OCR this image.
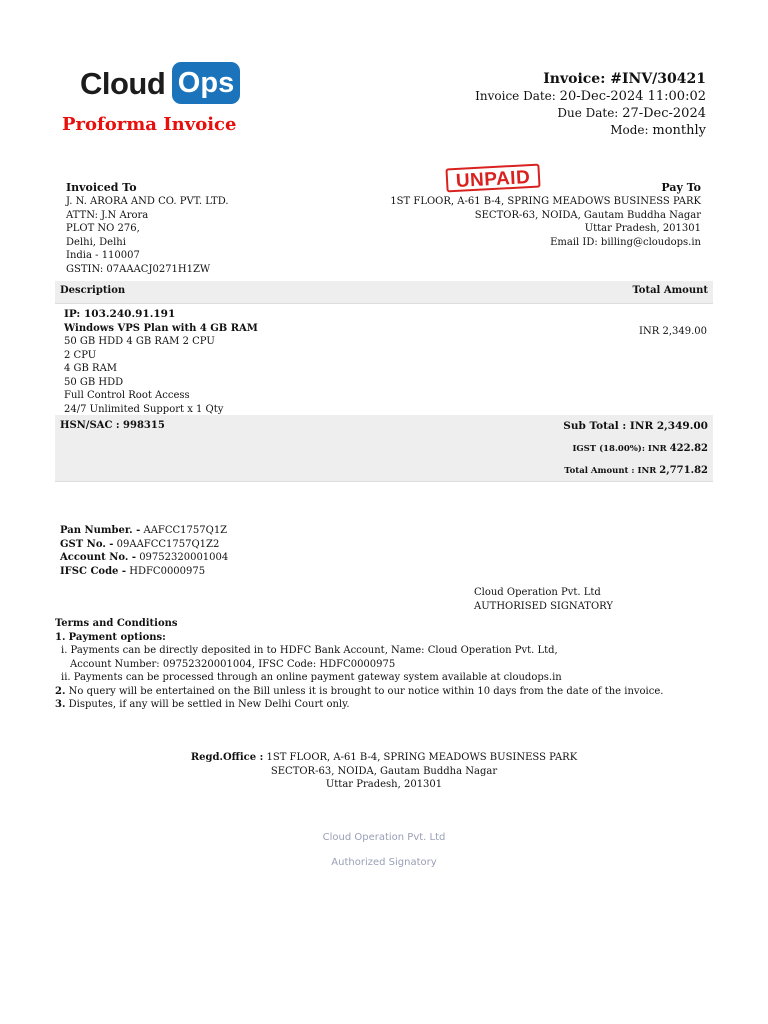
Cloud Ops
Proforma Invoice
Invoice: #INV/30421
Invoice Date: 20-Dec-2024 11:00:02
Due Date: 27-Dec-2024
Mode: monthly
Invoiced To
J. N. ARORA AND CO. PVT. LTD.
ATTN: J.N Arora
PLOT NO 276,
Delhi, Delhi
India - 110007
GSTIN: 07AAACJ0271H1ZW
UNPAID	Pay To
1ST FLOOR, A-61 B-4, SPRING MEADOWS BUSINESS PARK
SECTOR-63, NOIDA, Gautam Buddha Nagar
Uttar Pradesh, 201301
Email ID: billing@cloudops.in
Description	Total Amount
IP: 103.240.91.191
Windows VPS Plan with 4 GB RAM
50 GB HDD 4 GB RAM 2 CPU
2 CPU
4 GB RAM
50 GB HDD
Full Control Root Access
24/7 Unlimited Support x 1 Qty
INR 2,349.00
HSN/SAC : 998315	Sub Total : INR 2,349.00
IGST (18.00%): INR 422.82
Total Amount : INR 2,771.82
Pan Number. - AAFCC1757Q1Z
GST No. - 09AAFCC1757Q1Z2
Account No. - 09752320001004
IFSC Code - HDFC0000975
Cloud Operation Pvt. Ltd
AUTHORISED SIGNATORY
Terms and Conditions
1. Payment options:
i. Payments can be directly deposited in to HDFC Bank Account, Name: Cloud Operation Pvt. Ltd,
Account Number: 09752320001004, IFSC Code: HDFC0000975
ii. Payments can be processed through an online payment gateway system available at cloudops.in
2. No query will be entertained on the Bill unless it is brought to our notice within 10 days from the date of the invoice.
3. Disputes, if any will be settled in New Delhi Court only.
Regd.Office : 1ST FLOOR, A-61 B-4, SPRING MEADOWS BUSINESS PARK
SECTOR-63, NOIDA, Gautam Buddha Nagar
Uttar Pradesh, 201301
Cloud Operation Pvt. Ltd
Authorized Signatory
